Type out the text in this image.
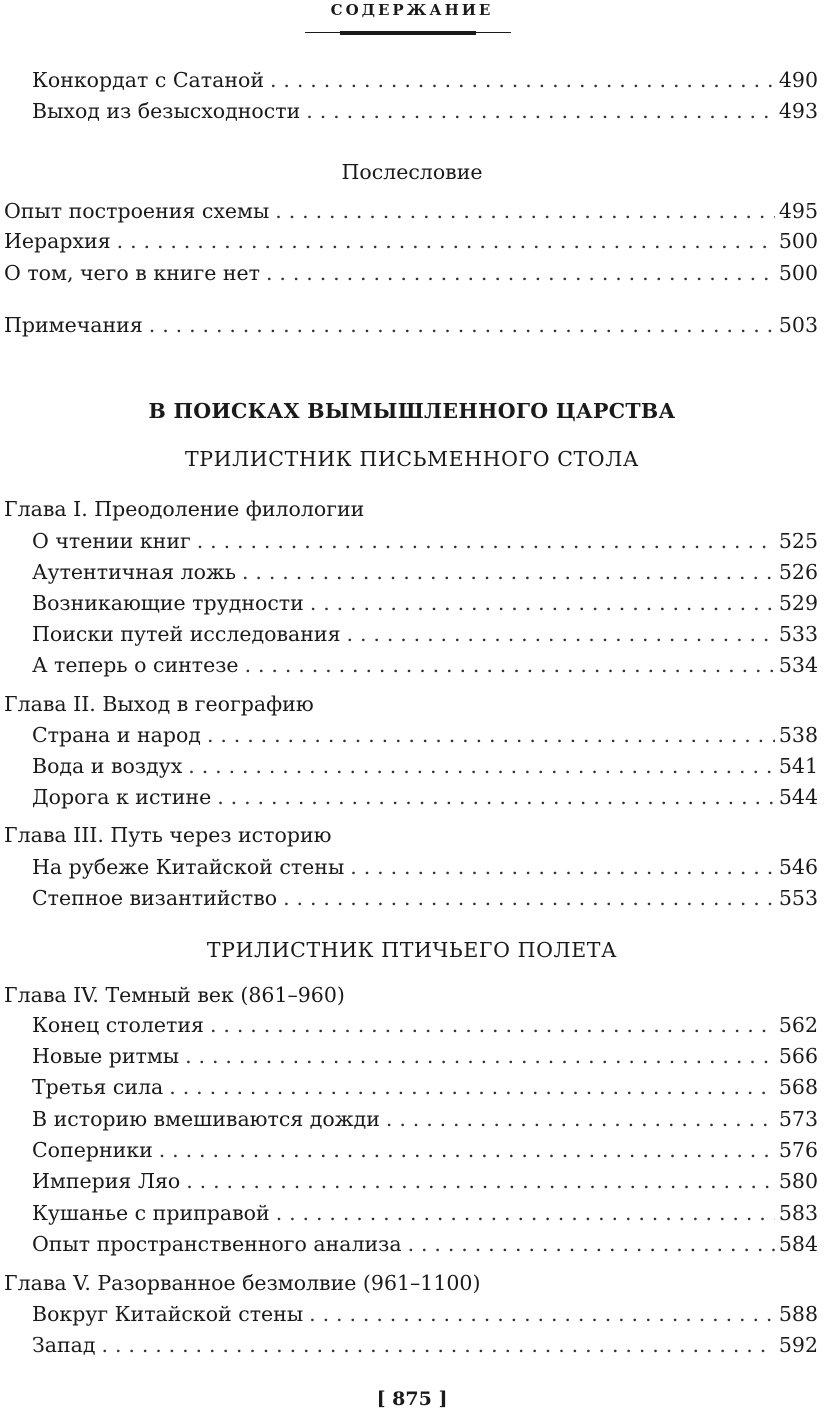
СОДЕРЖАНИЕ
Конкордат с Сатаной . . .	490
Выход из безысходности . . .	493
Послесловие
Опыт построения схемы . . .	495
Иерархия . . .	500
О том, чего в книге нет . . .	500
Примечания . . .	503
В ПОИСКАХ ВЫМЫШЛЕННОГО ЦАРСТВА
ТРИЛИСТНИК ПИСЬМЕННОГО СТОЛА
Глава I. Преодоление филологии
О чтении книг . . .	525
Аутентичная ложь . . .	526
Возникающие трудности . . .	529
Поиски путей исследования . . .	533
А теперь о синтезе . . .	534
Глава II. Выход в географию
Страна и народ . . .	538
Вода и воздух . . .	541
Дорога к истине . . .	544
Глава III. Путь через историю
На рубеже Китайской стены . . .	546
Степное византийство . . .	553
ТРИЛИСТНИК ПТИЧЬЕГО ПОЛЕТА
Глава IV. Темный век (861–960)
Конец столетия . . .	562
Новые ритмы . . .	566
Третья сила . . .	568
В историю вмешиваются дожди . . .	573
Соперники . . .	576
Империя Ляо . . .	580
Кушанье с приправой . . .	583
Опыт пространственного анализа . . .	584
Глава V. Разорванное безмолвие (961–1100)
Вокруг Китайской стены . . .	588
Запад . . .	592
[ 875 ]
